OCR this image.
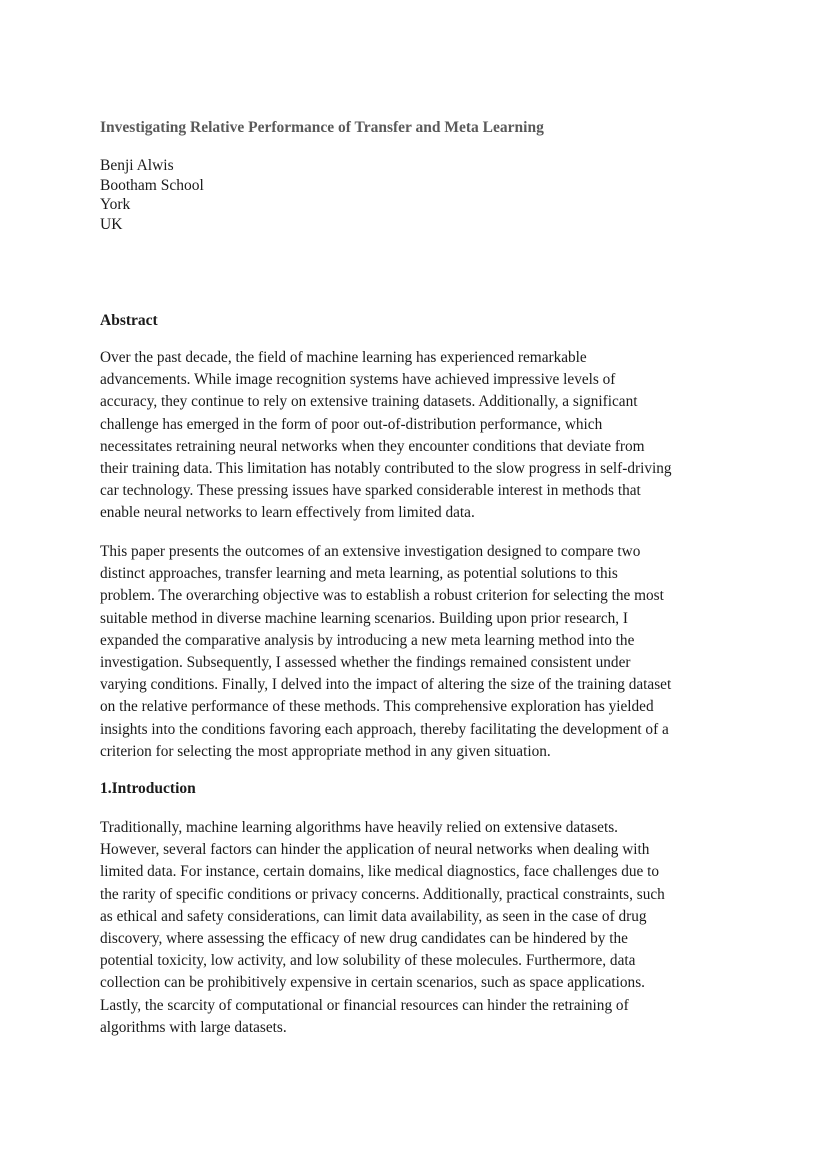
Investigating Relative Performance of Transfer and Meta Learning
Benji Alwis
Bootham School
York
UK
Abstract
Over the past decade, the field of machine learning has experienced remarkable
advancements. While image recognition systems have achieved impressive levels of
accuracy, they continue to rely on extensive training datasets. Additionally, a significant
challenge has emerged in the form of poor out-of-distribution performance, which
necessitates retraining neural networks when they encounter conditions that deviate from
their training data. This limitation has notably contributed to the slow progress in self-driving
car technology. These pressing issues have sparked considerable interest in methods that
enable neural networks to learn effectively from limited data.
This paper presents the outcomes of an extensive investigation designed to compare two
distinct approaches, transfer learning and meta learning, as potential solutions to this
problem. The overarching objective was to establish a robust criterion for selecting the most
suitable method in diverse machine learning scenarios. Building upon prior research, I
expanded the comparative analysis by introducing a new meta learning method into the
investigation. Subsequently, I assessed whether the findings remained consistent under
varying conditions. Finally, I delved into the impact of altering the size of the training dataset
on the relative performance of these methods. This comprehensive exploration has yielded
insights into the conditions favoring each approach, thereby facilitating the development of a
criterion for selecting the most appropriate method in any given situation.
1.Introduction
Traditionally, machine learning algorithms have heavily relied on extensive datasets.
However, several factors can hinder the application of neural networks when dealing with
limited data. For instance, certain domains, like medical diagnostics, face challenges due to
the rarity of specific conditions or privacy concerns. Additionally, practical constraints, such
as ethical and safety considerations, can limit data availability, as seen in the case of drug
discovery, where assessing the efficacy of new drug candidates can be hindered by the
potential toxicity, low activity, and low solubility of these molecules. Furthermore, data
collection can be prohibitively expensive in certain scenarios, such as space applications.
Lastly, the scarcity of computational or financial resources can hinder the retraining of
algorithms with large datasets.
